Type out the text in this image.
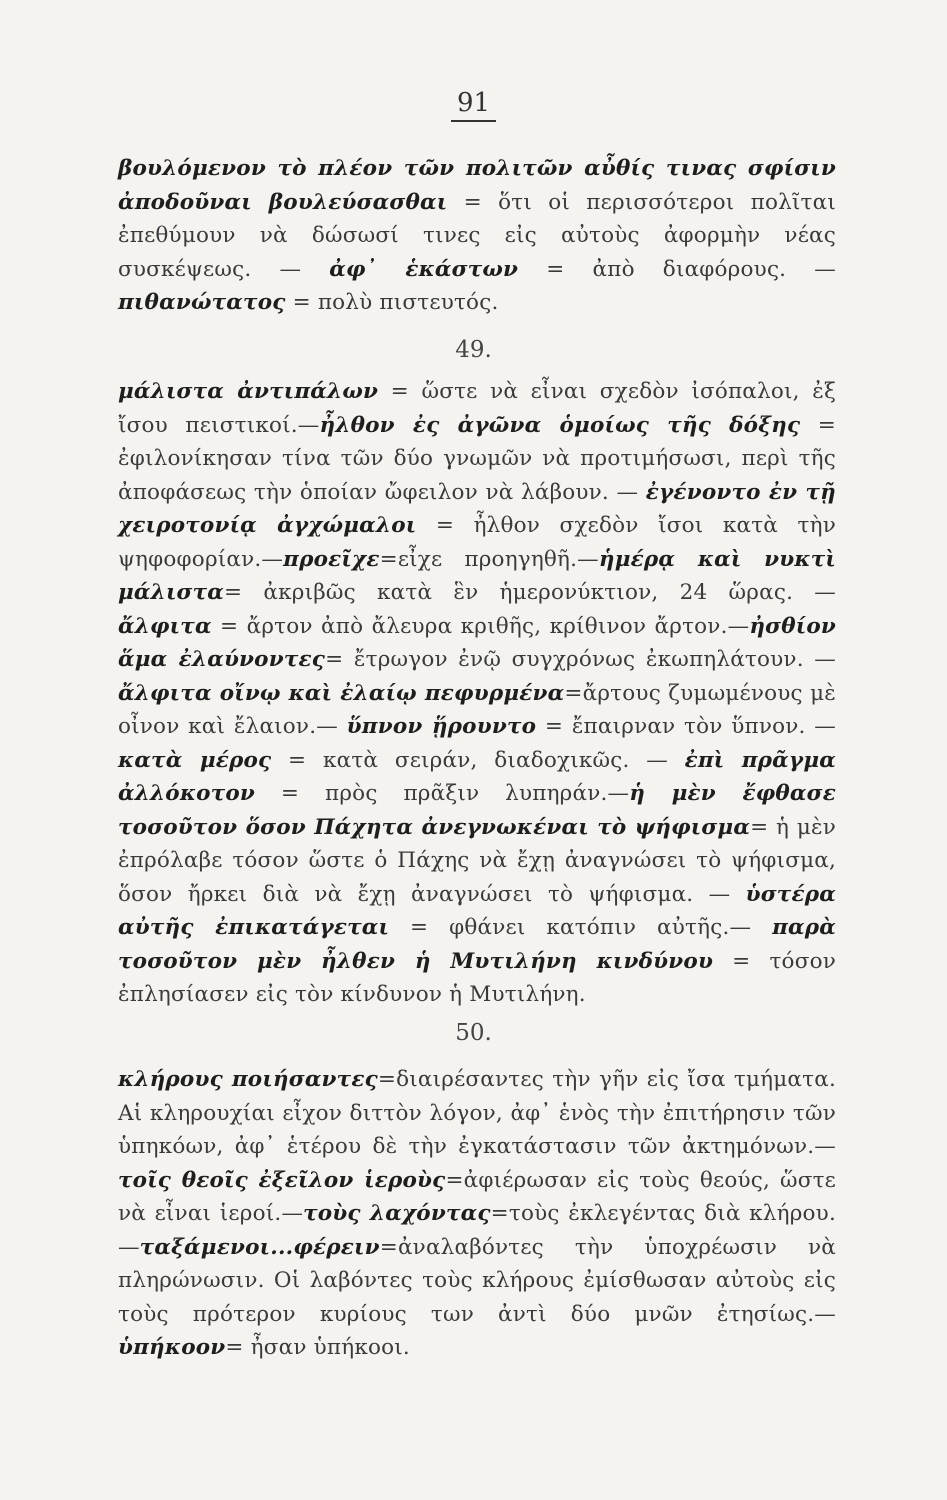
91

βουλόμενον τὸ πλέον τῶν πολιτῶν αὖθίς τινας σφίσιν ἀποδοῦναι βουλεύσασθαι = ὅτι οἱ περισσότεροι πολῖται ἐπεθύμουν νὰ δώσωσί τινες εἰς αὐτοὺς ἀφορμὴν νέας συσκέψεως. — ἀφ᾽ ἑκάστων = ἀπὸ διαφόρους. — πιθανώτατος = πολὺ πιστευτός.

49.

μάλιστα ἀντιπάλων = ὥστε νὰ εἶναι σχεδὸν ἰσόπαλοι, ἐξ ἴσου πειστικοί.—ἦλθον ἐς ἀγῶνα ὁμοίως τῆς δόξης = ἐφιλονίκησαν τίνα τῶν δύο γνωμῶν νὰ προτιμήσωσι, περὶ τῆς ἀποφάσεως τὴν ὁποίαν ὤφειλον νὰ λάβουν. — ἐγένοντο ἐν τῇ χειροτονίᾳ ἀγχώμαλοι = ἦλθον σχεδὸν ἴσοι κατὰ τὴν ψηφοφορίαν.—προεῖχε=εἶχε προηγηθῆ.—ἡμέρᾳ καὶ νυκτὶ μάλιστα= ἀκριβῶς κατὰ ἓν ἡμερονύκτιον, 24 ὥρας. — ἄλφιτα = ἄρτον ἀπὸ ἄλευρα κριθῆς, κρίθινον ἄρτον.—ἠσθίον ἅμα ἐλαύνοντες= ἔτρωγον ἐνῷ συγχρόνως ἐκωπηλάτουν. — ἄλφιτα οἴνῳ καὶ ἐλαίῳ πεφυρμένα=ἄρτους ζυμωμένους μὲ οἶνον καὶ ἔλαιον.— ὕπνον ᾕρουντο = ἔπαιρναν τὸν ὕπνον. — κατὰ μέρος = κατὰ σειράν, διαδοχικῶς. — ἐπὶ πρᾶγμα ἀλλόκοτον = πρὸς πρᾶξιν λυπηράν.—ἡ μὲν ἔφθασε τοσοῦτον ὅσον Πάχητα ἀνεγνωκέναι τὸ ψήφισμα= ἡ μὲν ἐπρόλαβε τόσον ὥστε ὁ Πάχης νὰ ἔχῃ ἀναγνώσει τὸ ψήφισμα, ὅσον ἤρκει διὰ νὰ ἔχῃ ἀναγνώσει τὸ ψήφισμα. — ὑστέρα αὐτῆς ἐπικατάγεται = φθάνει κατόπιν αὐτῆς.— παρὰ τοσοῦτον μὲν ἦλθεν ἡ Μυτιλήνη κινδύνου = τόσον ἐπλησίασεν εἰς τὸν κίνδυνον ἡ Μυτιλήνη.

50.

κλήρους ποιήσαντες=διαιρέσαντες τὴν γῆν εἰς ἴσα τμήματα. Αἱ κληρουχίαι εἶχον διττὸν λόγον, ἀφ᾽ ἑνὸς τὴν ἐπιτήρησιν τῶν ὑπηκόων, ἀφ᾽ ἑτέρου δὲ τὴν ἐγκατάστασιν τῶν ἀκτημόνων.—τοῖς θεοῖς ἐξεῖλον ἱεροὺς=ἀφιέρωσαν εἰς τοὺς θεούς, ὥστε νὰ εἶναι ἱεροί.—τοὺς λαχόντας=τοὺς ἐκλεγέντας διὰ κλήρου.—ταξάμενοι...φέρειν=ἀναλαβόντες τὴν ὑποχρέωσιν νὰ πληρώνωσιν. Οἱ λαβόντες τοὺς κλήρους ἐμίσθωσαν αὐτοὺς εἰς τοὺς πρότερον κυρίους των ἀντὶ δύο μνῶν ἐτησίως.—ὑπήκοον= ἦσαν ὑπήκοοι.
